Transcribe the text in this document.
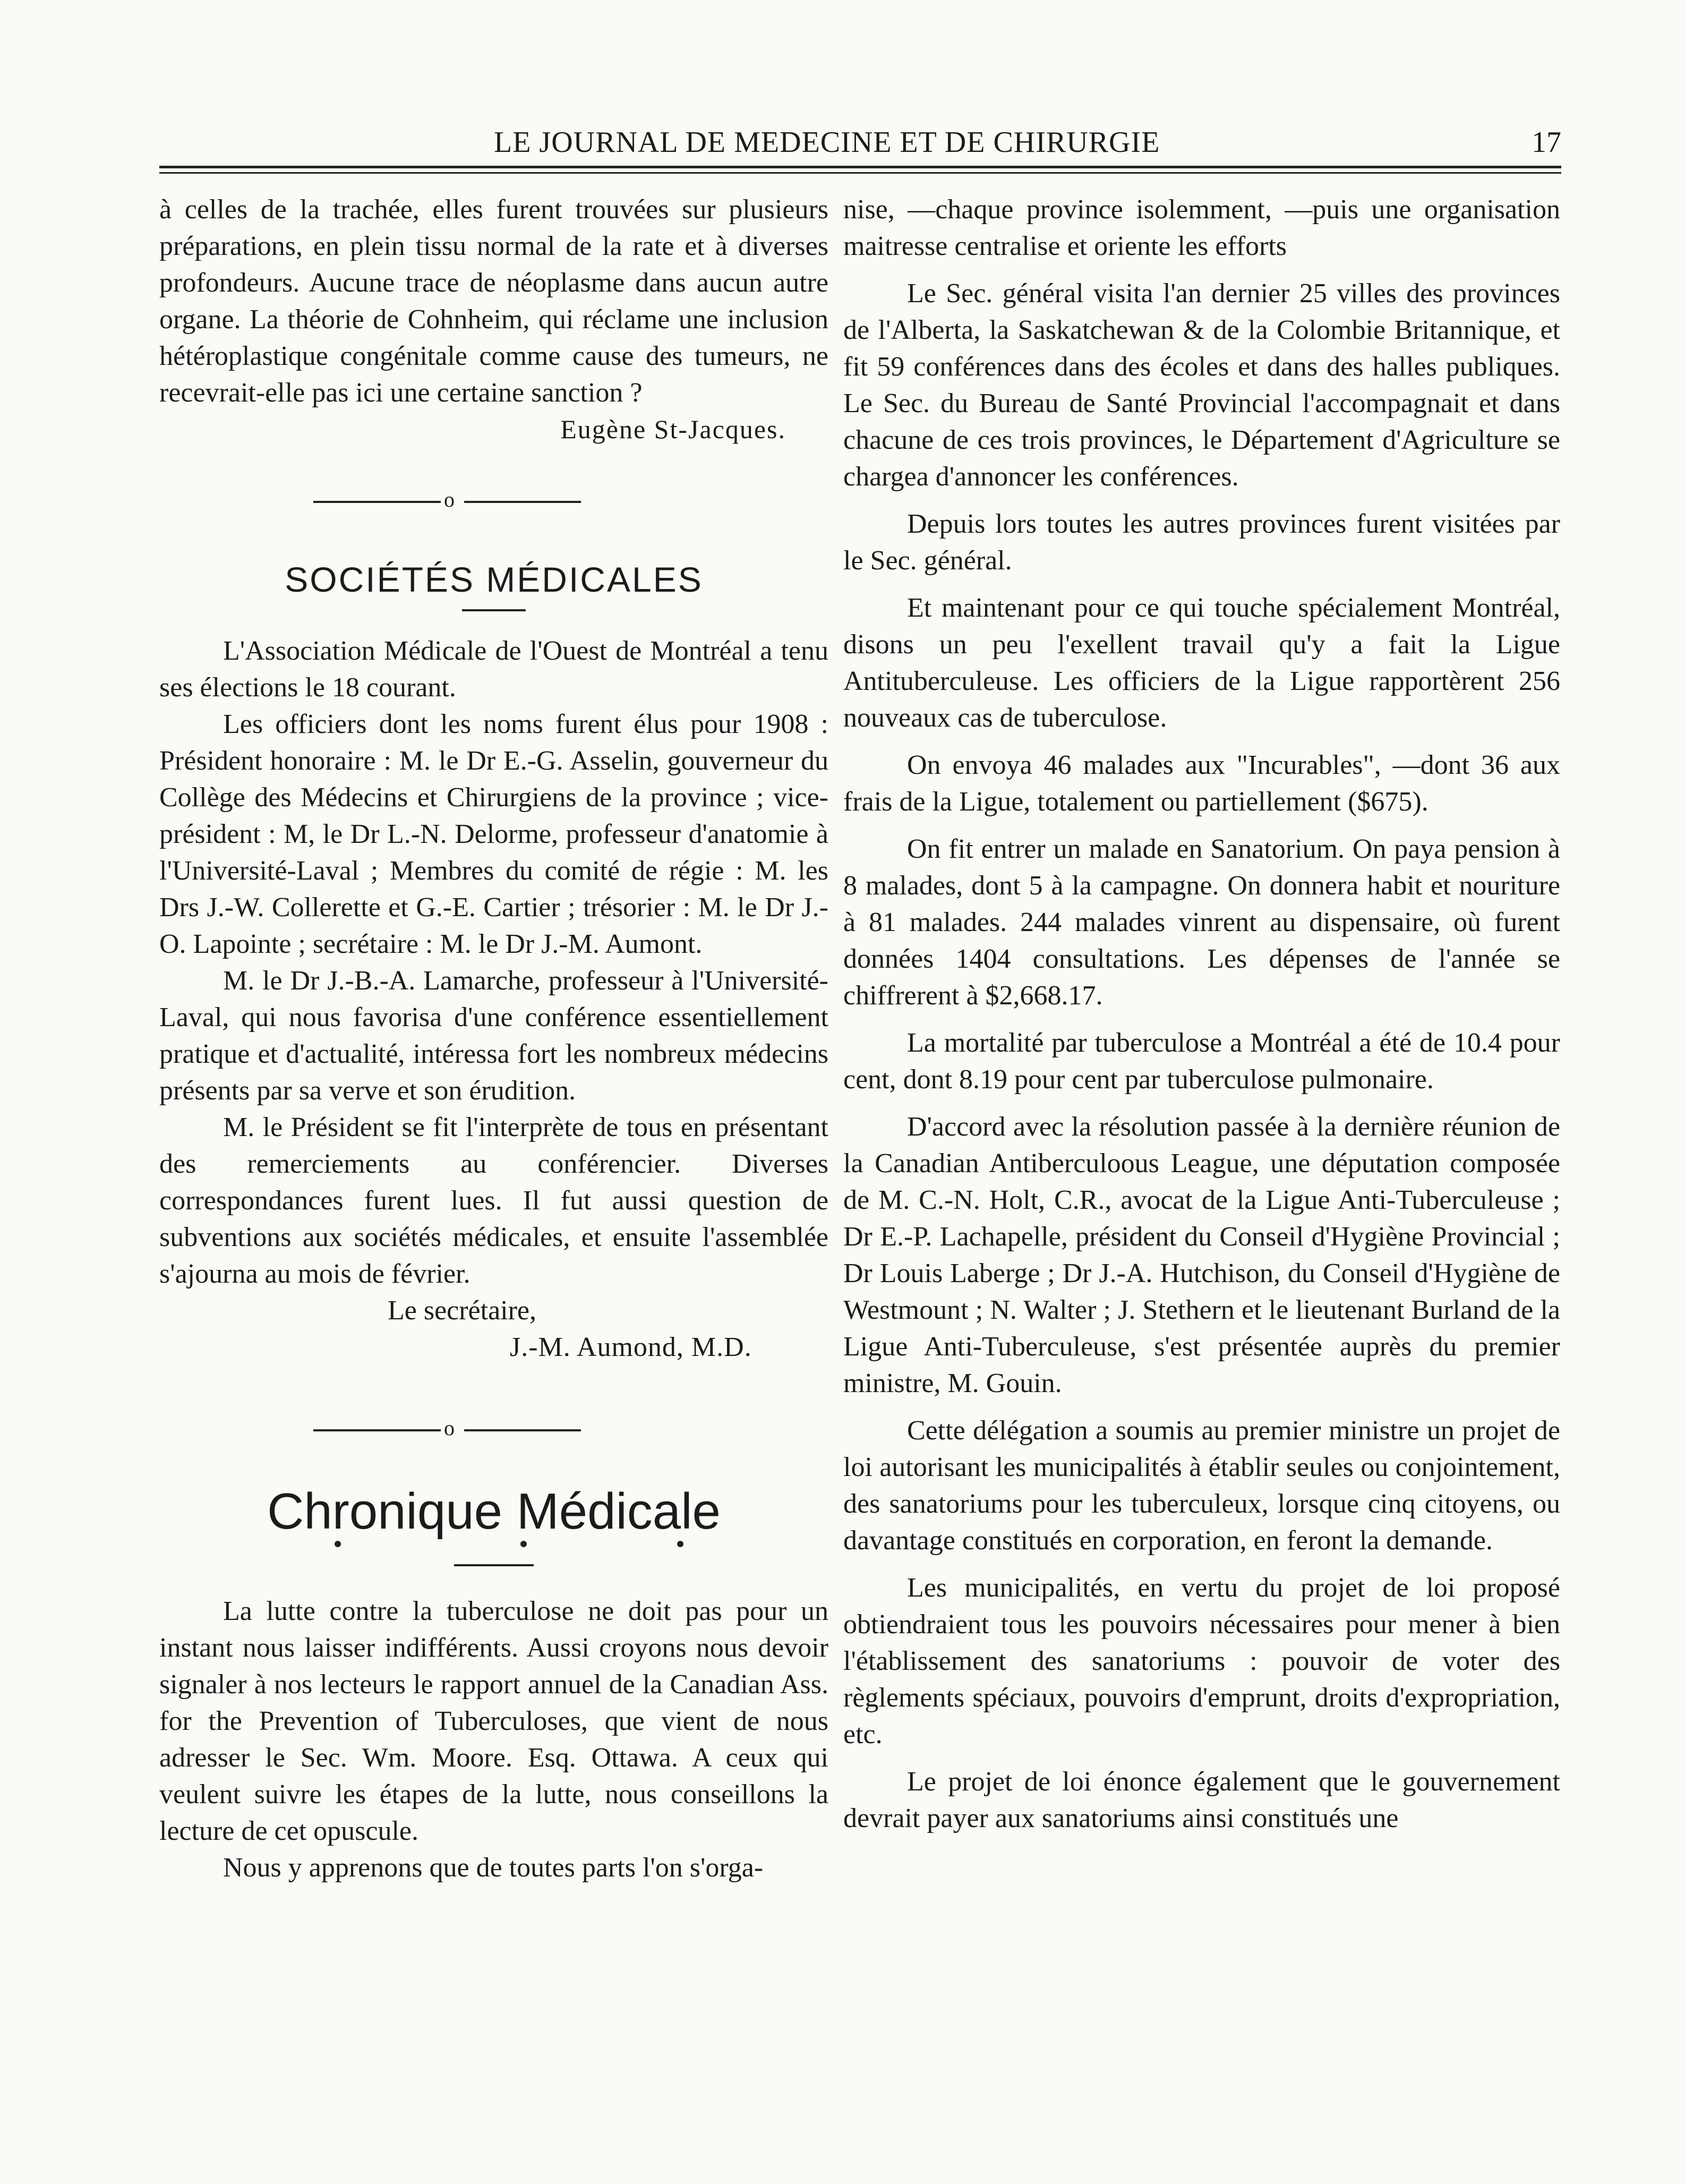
LE JOURNAL DE MEDECINE ET DE CHIRURGIE	17

à celles de la trachée, elles furent trouvées sur plusieurs préparations, en plein tissu normal de la rate et à diverses profondeurs. Aucune trace de néoplasme dans aucun autre organe. La théorie de Cohnheim, qui réclame une inclusion hétéroplastique congénitale comme cause des tumeurs, ne recevrait-elle pas ici une certaine sanction ?

Eugène St-Jacques.
o
SOCIÉTÉS MÉDICALES

L'Association Médicale de l'Ouest de Montréal a tenu ses élections le 18 courant.

Les officiers dont les noms furent élus pour 1908 : Président honoraire : M. le Dr E.-G. Asselin, gouverneur du Collège des Médecins et Chirurgiens de la province ; vice-président : M, le Dr L.-N. Delorme, professeur d'anatomie à l'Université-Laval ; Membres du comité de régie : M. les Drs J.-W. Collerette et G.-E. Cartier ; trésorier : M. le Dr J.-O. Lapointe ; secrétaire : M. le Dr J.-M. Aumont.

M. le Dr J.-B.-A. Lamarche, professeur à l'Université-Laval, qui nous favorisa d'une conférence essentiellement pratique et d'actualité, intéressa fort les nombreux médecins présents par sa verve et son érudition.

M. le Président se fit l'interprète de tous en présentant des remerciements au conférencier. Diverses correspondances furent lues. Il fut aussi question de subventions aux sociétés médicales, et ensuite l'assemblée s'ajourna au mois de février.

Le secrétaire,
J.-M. Aumond, M.D.
o
Chronique Médicale

La lutte contre la tuberculose ne doit pas pour un instant nous laisser indifférents. Aussi croyons nous devoir signaler à nos lecteurs le rapport annuel de la Canadian Ass. for the Prevention of Tuberculoses, que vient de nous adresser le Sec. Wm. Moore. Esq. Ottawa. A ceux qui veulent suivre les étapes de la lutte, nous conseillons la lecture de cet opuscule.

Nous y apprenons que de toutes parts l'on s'orga-

nise, —chaque province isolemment, —puis une organisation maitresse centralise et oriente les efforts

Le Sec. général visita l'an dernier 25 villes des provinces de l'Alberta, la Saskatchewan & de la Colombie Britannique, et fit 59 conférences dans des écoles et dans des halles publiques. Le Sec. du Bureau de Santé Provincial l'accompagnait et dans chacune de ces trois provinces, le Département d'Agriculture se chargea d'annoncer les conférences.

Depuis lors toutes les autres provinces furent visitées par le Sec. général.

Et maintenant pour ce qui touche spécialement Montréal, disons un peu l'exellent travail qu'y a fait la Ligue Antituberculeuse. Les officiers de la Ligue rapportèrent 256 nouveaux cas de tuberculose.

On envoya 46 malades aux "Incurables", —dont 36 aux frais de la Ligue, totalement ou partiellement ($675).

On fit entrer un malade en Sanatorium. On paya pension à 8 malades, dont 5 à la campagne. On donnera habit et nouriture à 81 malades. 244 malades vinrent au dispensaire, où furent données 1404 consultations. Les dépenses de l'année se chiffrerent à $2,668.17.

La mortalité par tuberculose a Montréal a été de 10.4 pour cent, dont 8.19 pour cent par tuberculose pulmonaire.

D'accord avec la résolution passée à la dernière réunion de la Canadian Antiberculoous League, une députation composée de M. C.-N. Holt, C.R., avocat de la Ligue Anti-Tuberculeuse ; Dr E.-P. Lachapelle, président du Conseil d'Hygiène Provincial ; Dr Louis Laberge ; Dr J.-A. Hutchison, du Conseil d'Hygiène de Westmount ; N. Walter ; J. Stethern et le lieutenant Burland de la Ligue Anti-Tuberculeuse, s'est présentée auprès du premier ministre, M. Gouin.

Cette délégation a soumis au premier ministre un projet de loi autorisant les municipalités à établir seules ou conjointement, des sanatoriums pour les tuberculeux, lorsque cinq citoyens, ou davantage constitués en corporation, en feront la demande.

Les municipalités, en vertu du projet de loi proposé obtiendraient tous les pouvoirs nécessaires pour mener à bien l'établissement des sanatoriums : pouvoir de voter des règlements spéciaux, pouvoirs d'emprunt, droits d'expropriation, etc.

Le projet de loi énonce également que le gouvernement devrait payer aux sanatoriums ainsi constitués une
